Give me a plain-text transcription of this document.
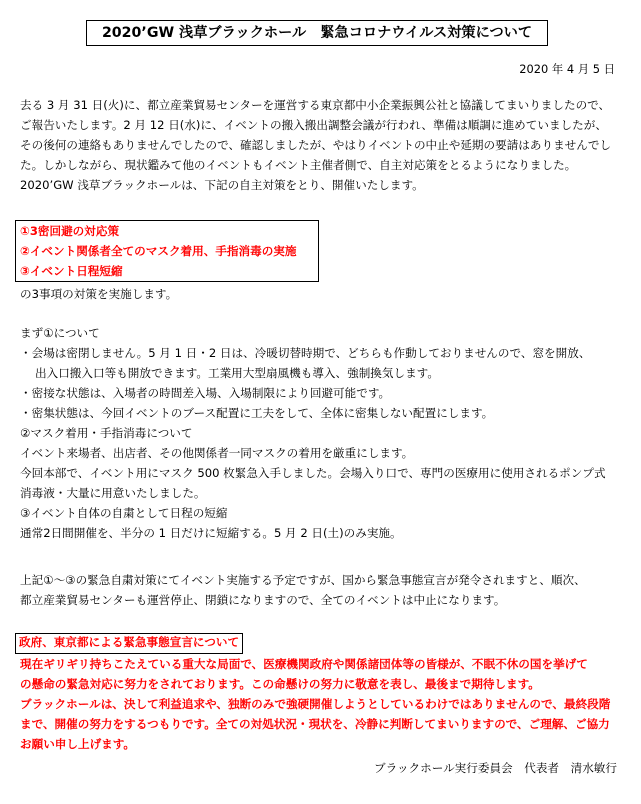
2020’GW 浅草ブラックホール　緊急コロナウイルス対策について
2020 年 4 月 5 日
去る 3 月 31 日(火)に、都立産業貿易センターを運営する東京都中小企業振興公社と協議してまいりましたので、
ご報告いたします。2 月 12 日(水)に、イベントの搬入搬出調整会議が行われ、準備は順調に進めていましたが、
その後何の連絡もありませんでしたので、確認しましたが、やはりイベントの中止や延期の要請はありませんでし
た。しかしながら、現状鑑みて他のイベントもイベント主催者側で、自主対応策をとるようになりました。
2020’GW 浅草ブラックホールは、下記の自主対策をとり、開催いたします。
①3密回避の対応策
②イベント関係者全てのマスク着用、手指消毒の実施
③イベント日程短縮
の3事項の対策を実施します。
まず①について
・会場は密閉しません。5 月 1 日・2 日は、冷暖切替時期で、どちらも作動しておりませんので、窓を開放、
出入口搬入口等も開放できます。工業用大型扇風機も導入、強制換気します。
・密接な状態は、入場者の時間差入場、入場制限により回避可能です。
・密集状態は、今回イベントのブース配置に工夫をして、全体に密集しない配置にします。
②マスク着用・手指消毒について
イベント来場者、出店者、その他関係者一同マスクの着用を厳重にします。
今回本部で、イベント用にマスク 500 枚緊急入手しました。会場入り口で、専門の医療用に使用されるポンプ式
消毒液・大量に用意いたしました。
③イベント自体の自粛として日程の短縮
通常2日間開催を、半分の 1 日だけに短縮する。5 月 2 日(土)のみ実施。
上記①～③の緊急自粛対策にてイベント実施する予定ですが、国から緊急事態宣言が発令されますと、順次、
都立産業貿易センターも運営停止、閉鎖になりますので、全てのイベントは中止になります。
政府、東京都による緊急事態宣言について
現在ギリギリ持ちこたえている重大な局面で、医療機関政府や関係諸団体等の皆様が、不眠不休の国を挙げて
の懸命の緊急対応に努力をされております。この命懸けの努力に敬意を表し、最後まで期待します。
ブラックホールは、決して利益追求や、独断のみで強硬開催しようとしているわけではありませんので、最終段階
まで、開催の努力をするつもりです。全ての対処状況・現状を、冷静に判断してまいりますので、ご理解、ご協力
お願い申し上げます。
ブラックホール実行委員会　代表者　清水敏行
